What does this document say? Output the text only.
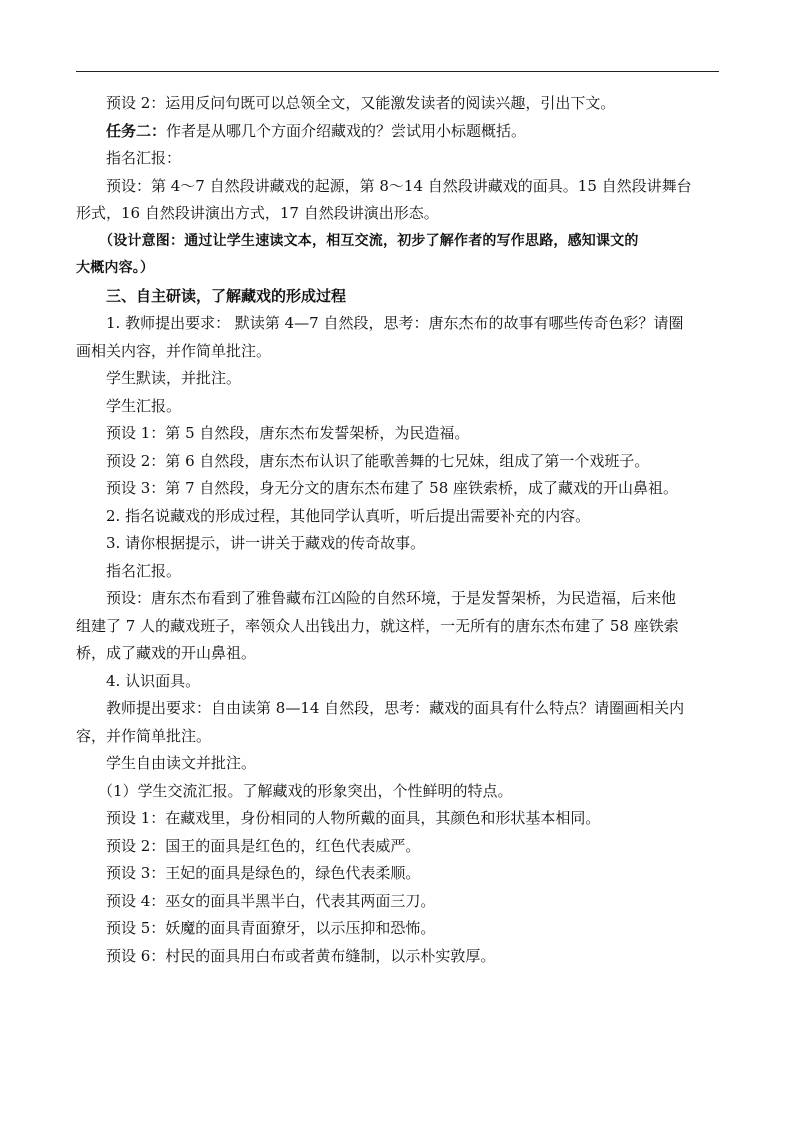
预设 2：运用反问句既可以总领全文，又能激发读者的阅读兴趣，引出下文。
任务二：作者是从哪几个方面介绍藏戏的？尝试用小标题概括。
指名汇报：
预设：第 4～7 自然段讲藏戏的起源，第 8～14 自然段讲藏戏的面具。15 自然段讲舞台
形式，16 自然段讲演出方式，17 自然段讲演出形态。
（设计意图：通过让学生速读文本，相互交流，初步了解作者的写作思路，感知课文的
大概内容。）
三、自主研读，了解藏戏的形成过程
1. 教师提出要求： 默读第 4—7 自然段，思考：唐东杰布的故事有哪些传奇色彩？请圈
画相关内容，并作简单批注。
学生默读，并批注。
学生汇报。
预设 1：第 5 自然段，唐东杰布发誓架桥，为民造福。
预设 2：第 6 自然段，唐东杰布认识了能歌善舞的七兄妹，组成了第一个戏班子。
预设 3：第 7 自然段，身无分文的唐东杰布建了 58 座铁索桥，成了藏戏的开山鼻祖。
2. 指名说藏戏的形成过程，其他同学认真听，听后提出需要补充的内容。
3. 请你根据提示，讲一讲关于藏戏的传奇故事。
指名汇报。
预设：唐东杰布看到了雅鲁藏布江凶险的自然环境，于是发誓架桥，为民造福，后来他
组建了 7 人的藏戏班子，率领众人出钱出力，就这样，一无所有的唐东杰布建了 58 座铁索
桥，成了藏戏的开山鼻祖。
4. 认识面具。
教师提出要求：自由读第 8—14 自然段，思考：藏戏的面具有什么特点？请圈画相关内
容，并作简单批注。
学生自由读文并批注。
（1）学生交流汇报。了解藏戏的形象突出，个性鲜明的特点。
预设 1：在藏戏里，身份相同的人物所戴的面具，其颜色和形状基本相同。
预设 2：国王的面具是红色的，红色代表威严。
预设 3：王妃的面具是绿色的，绿色代表柔顺。
预设 4：巫女的面具半黑半白，代表其两面三刀。
预设 5：妖魔的面具青面獠牙，以示压抑和恐怖。
预设 6：村民的面具用白布或者黄布缝制，以示朴实敦厚。
